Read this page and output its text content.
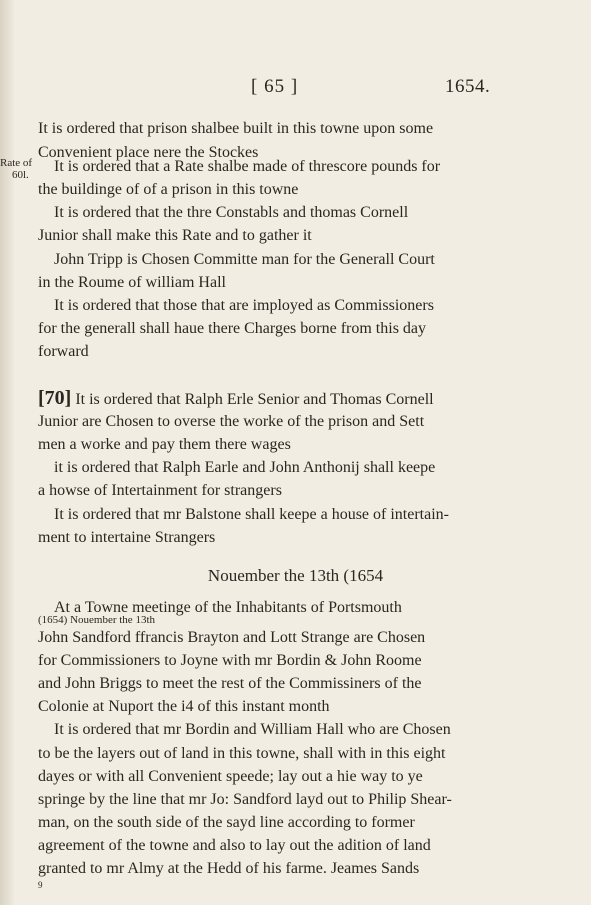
[ 65 ]	1654.
Rate of
60l.
It is ordered that prison shalbee built in this towne upon some
Convenient place nere the Stockes
It is ordered that a Rate shalbe made of threscore pounds for
the buildinge of of a prison in this towne
It is ordered that the thre Constabls and thomas Cornell
Junior shall make this Rate and to gather it
John Tripp is Chosen Committe man for the Generall Court
in the Roume of william Hall
It is ordered that those that are imployed as Commissioners
for the generall shall haue there Charges borne from this day
forward
[70] It is ordered that Ralph Erle Senior and Thomas Cornell
Junior are Chosen to overse the worke of the prison and Sett
men a worke and pay them there wages
it is ordered that Ralph Earle and John Anthonij shall keepe
a howse of Intertainment for strangers
It is ordered that mr Balstone shall keepe a house of intertain-
ment to intertaine Strangers
Nouember the 13th (1654
At a Towne meetinge of the Inhabitants of Portsmouth
(1654) Nouember the 13th
John Sandford ffrancis Brayton and Lott Strange are Chosen
for Commissioners to Joyne with mr Bordin & John Roome
and John Briggs to meet the rest of the Commissiners of the
Colonie at Nuport the i4 of this instant month
It is ordered that mr Bordin and William Hall who are Chosen
to be the layers out of land in this towne, shall with in this eight
dayes or with all Convenient speede; lay out a hie way to ye
springe by the line that mr Jo: Sandford layd out to Philip Shear-
man, on the south side of the sayd line according to former
agreement of the towne and also to lay out the adition of land
granted to mr Almy at the Hedd of his farme. Jeames Sands
9
